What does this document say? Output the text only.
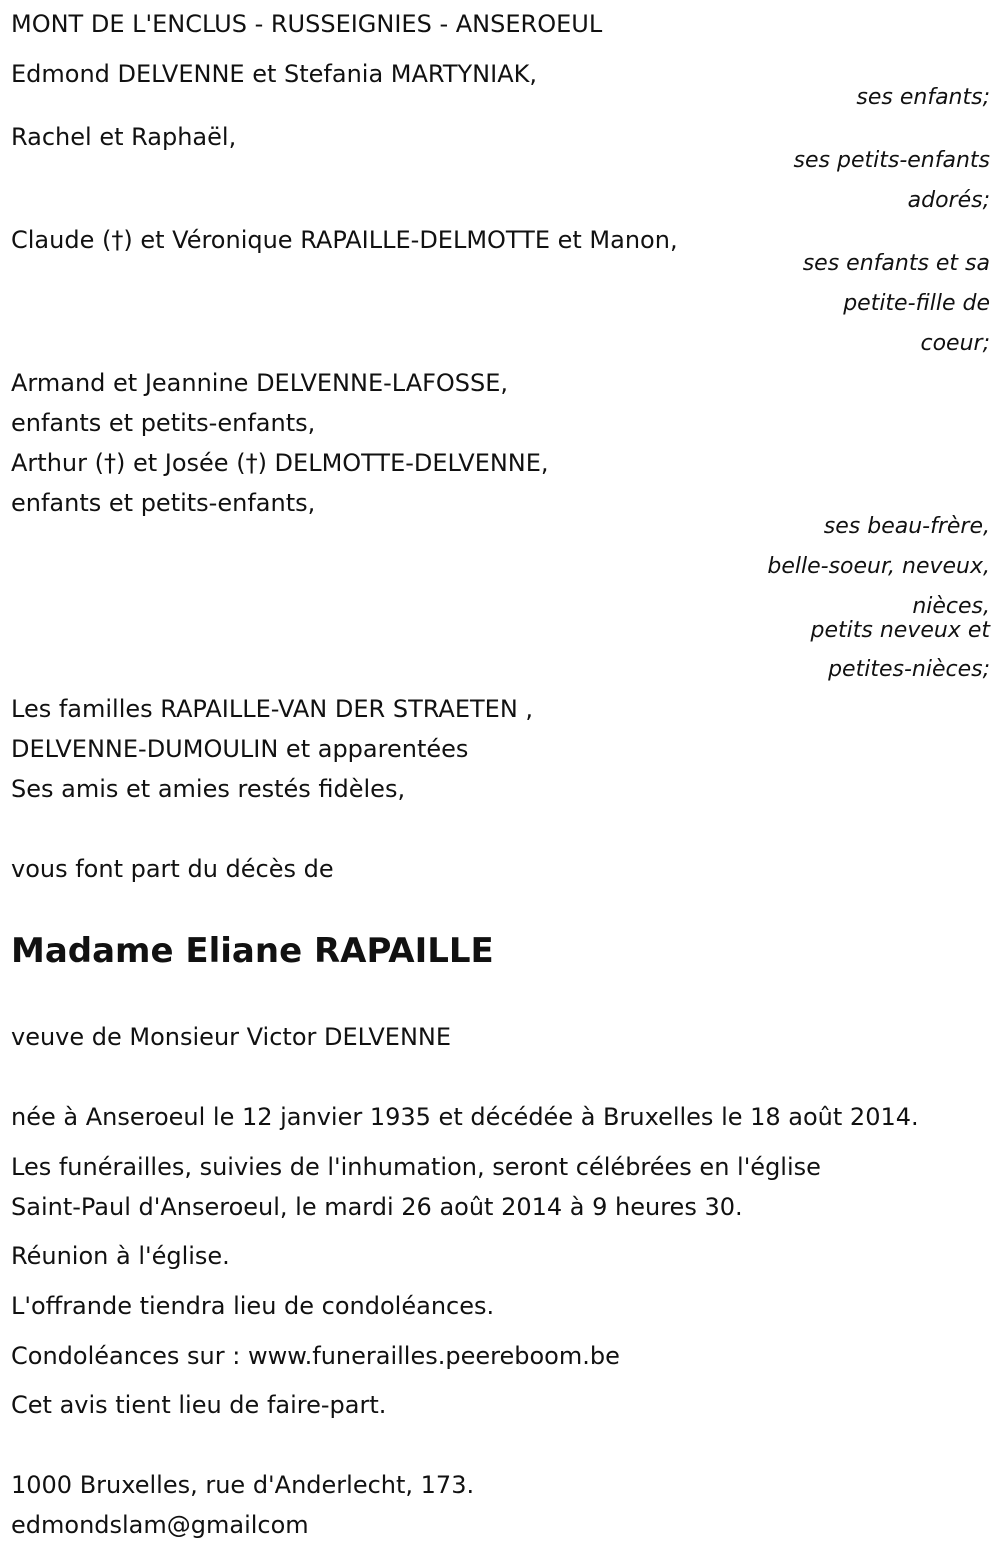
MONT DE L'ENCLUS - RUSSEIGNIES - ANSEROEUL
Edmond DELVENNE et Stefania MARTYNIAK,
ses enfants;
Rachel et Raphaël,
ses petits-enfants
adorés;
Claude (†) et Véronique RAPAILLE-DELMOTTE et Manon,
ses enfants et sa
petite-fille de
coeur;
Armand et Jeannine DELVENNE-LAFOSSE,
enfants et petits-enfants,
Arthur (†) et Josée (†) DELMOTTE-DELVENNE,
enfants et petits-enfants,
ses beau-frère,
belle-soeur, neveux,
nièces,
petits neveux et
petites-nièces;
Les familles RAPAILLE-VAN DER STRAETEN ,
DELVENNE-DUMOULIN et apparentées
Ses amis et amies restés fidèles,
vous font part du décès de
Madame Eliane RAPAILLE
veuve de Monsieur Victor DELVENNE
née à Anseroeul le 12 janvier 1935 et décédée à Bruxelles le 18 août 2014.
Les funérailles, suivies de l'inhumation, seront célébrées en l'église
Saint-Paul d'Anseroeul, le mardi 26 août 2014 à 9 heures 30.
Réunion à l'église.
L'offrande tiendra lieu de condoléances.
Condoléances sur : www.funerailles.peereboom.be
Cet avis tient lieu de faire-part.
1000 Bruxelles, rue d'Anderlecht, 173.
edmondslam@gmailcom
